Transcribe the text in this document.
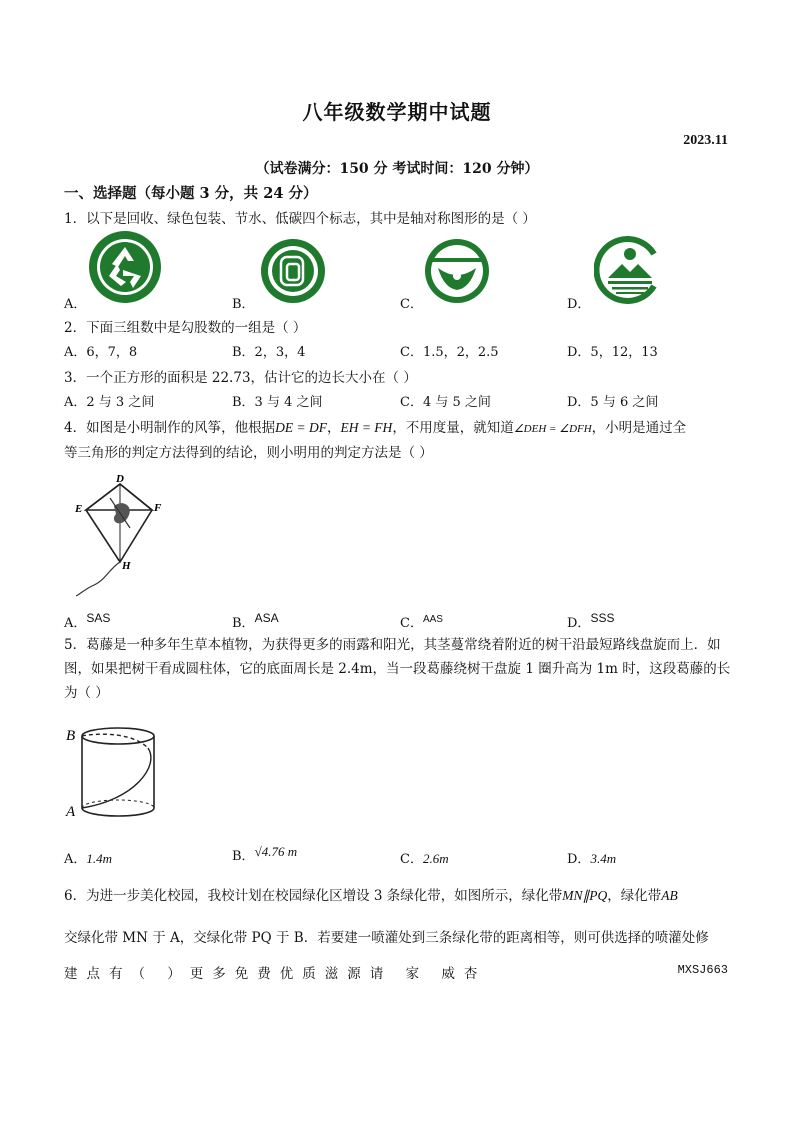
八年级数学期中试题
2023.11
（试卷满分：150 分 考试时间：120 分钟）
一、选择题（每小题 3 分，共 24 分）
1．以下是回收、绿色包装、节水、低碳四个标志，其中是轴对称图形的是（ ）
A．	B．	C．	D．
2．下面三组数中是勾股数的一组是（ ）
A．6，7，8	B．2，3，4	C．1.5，2，2.5	D．5，12，13
3．一个正方形的面积是 22.73，估计它的边长大小在（ ）
A．2 与 3 之间	B．3 与 4 之间	C．4 与 5 之间	D．5 与 6 之间
4．如图是小明制作的风筝，他根据DE = DF，EH = FH，不用度量，就知道∠DEH = ∠DFH，小明是通过全
等三角形的判定方法得到的结论，则小明用的判定方法是（ ）
D
E	F
H
A．SAS	B．ASA	C．$^{AAS}$	D．SSS
5．葛藤是一种多年生草本植物，为获得更多的雨露和阳光，其茎蔓常绕着附近的树干沿最短路线盘旋而上．如图，如果把树干看成圆柱体，它的底面周长是 2.4m，当一段葛藤绕树干盘旋 1 圈升高为 1m 时，这段葛藤的长为（ ）
B
A
A．1.4m	B．√4.76 m
C．2.6m	D．3.4m
6．为进一步美化校园，我校计划在校园绿化区增设 3 条绿化带，如图所示，绿化带MN∥PQ，绿化带AB
交绿化带 MN 于 A，交绿化带 PQ 于 B．若要建一喷灌处到三条绿化带的距离相等，则可供选择的喷灌处修
建点有（ ）更多免费优质滋源请 家 威杏	MXSJ663
